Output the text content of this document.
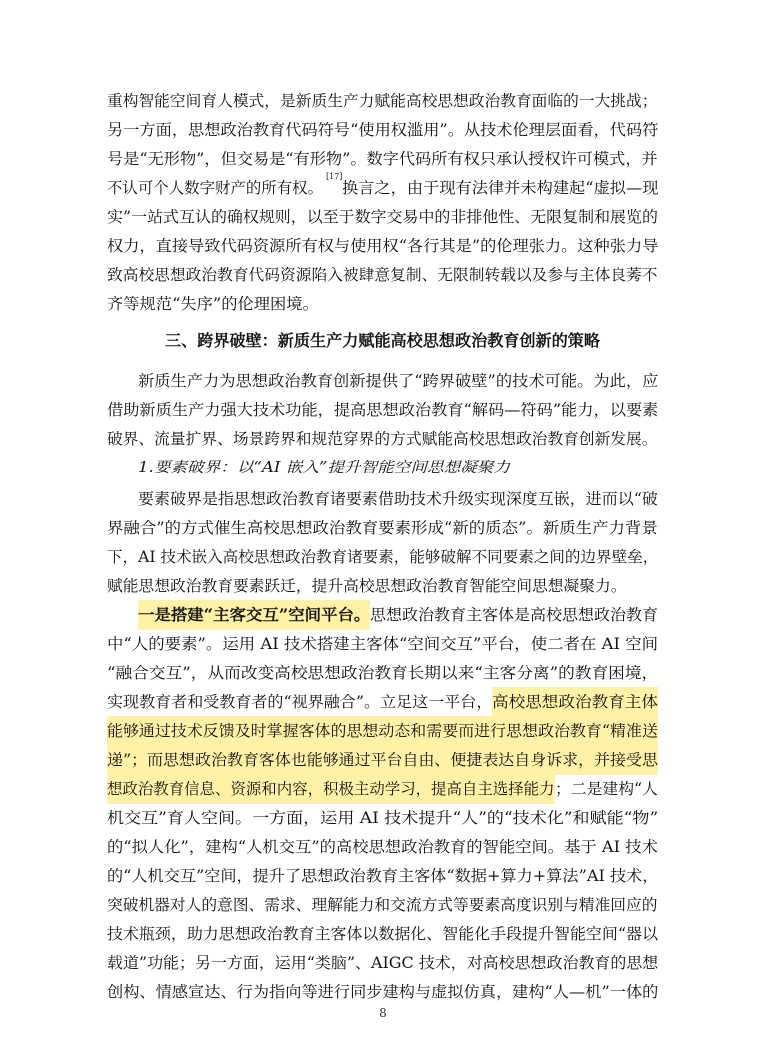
重构智能空间育人模式，是新质生产力赋能高校思想政治教育面临的一大挑战；
另一方面，思想政治教育代码符号“使用权滥用”。从技术伦理层面看，代码符
号是“无形物”，但交易是“有形物”。数字代码所有权只承认授权许可模式，并
不认可个人数字财产的所有权。
[17]
换言之，由于现有法律并未构建起“虚拟—现
实”一站式互认的确权规则，以至于数字交易中的非排他性、无限复制和展览的
权力，直接导致代码资源所有权与使用权“各行其是”的伦理张力。这种张力导
致高校思想政治教育代码资源陷入被肆意复制、无限制转载以及参与主体良莠不
齐等规范“失序”的伦理困境。
三、跨界破壁：新质生产力赋能高校思想政治教育创新的策略
新质生产力为思想政治教育创新提供了“跨界破壁”的技术可能。为此，应
借助新质生产力强大技术功能，提高思想政治教育“解码—符码”能力，以要素
破界、流量扩界、场景跨界和规范穿界的方式赋能高校思想政治教育创新发展。
1.要素破界：以“AI 嵌入”提升智能空间思想凝聚力
要素破界是指思想政治教育诸要素借助技术升级实现深度互嵌，进而以“破
界融合”的方式催生高校思想政治教育要素形成“新的质态”。新质生产力背景
下，AI 技术嵌入高校思想政治教育诸要素，能够破解不同要素之间的边界壁垒，
赋能思想政治教育要素跃迁，提升高校思想政治教育智能空间思想凝聚力。
一是搭建“主客交互”空间平台。 思想政治教育主客体是高校思想政治教育
中“人的要素”。运用 AI 技术搭建主客体“空间交互”平台，使二者在 AI 空间
“融合交互”，从而改变高校思想政治教育长期以来“主客分离”的教育困境，
实现教育者和受教育者的“视界融合”。立足这一平台， 高校思想政治教育主体
能够通过技术反馈及时掌握客体的思想动态和需要而进行思想政治教育“精准送
递”；而思想政治教育客体也能够通过平台自由、便捷表达自身诉求，并接受思
想政治教育信息、资源和内容，积极主动学习，提高自主选择能力 ；二是建构“人
机交互”育人空间。一方面，运用 AI 技术提升“人”的“技术化”和赋能“物”
的“拟人化”，建构“人机交互”的高校思想政治教育的智能空间。基于 AI 技术
的“人机交互”空间，提升了思想政治教育主客体“数据+算力+算法”AI 技术，
突破机器对人的意图、需求、理解能力和交流方式等要素高度识别与精准回应的
技术瓶颈，助力思想政治教育主客体以数据化、智能化手段提升智能空间“器以
载道”功能；另一方面，运用“类脑”、AIGC 技术，对高校思想政治教育的思想
创构、情感宣达、行为指向等进行同步建构与虚拟仿真，建构“人—机”一体的
8
